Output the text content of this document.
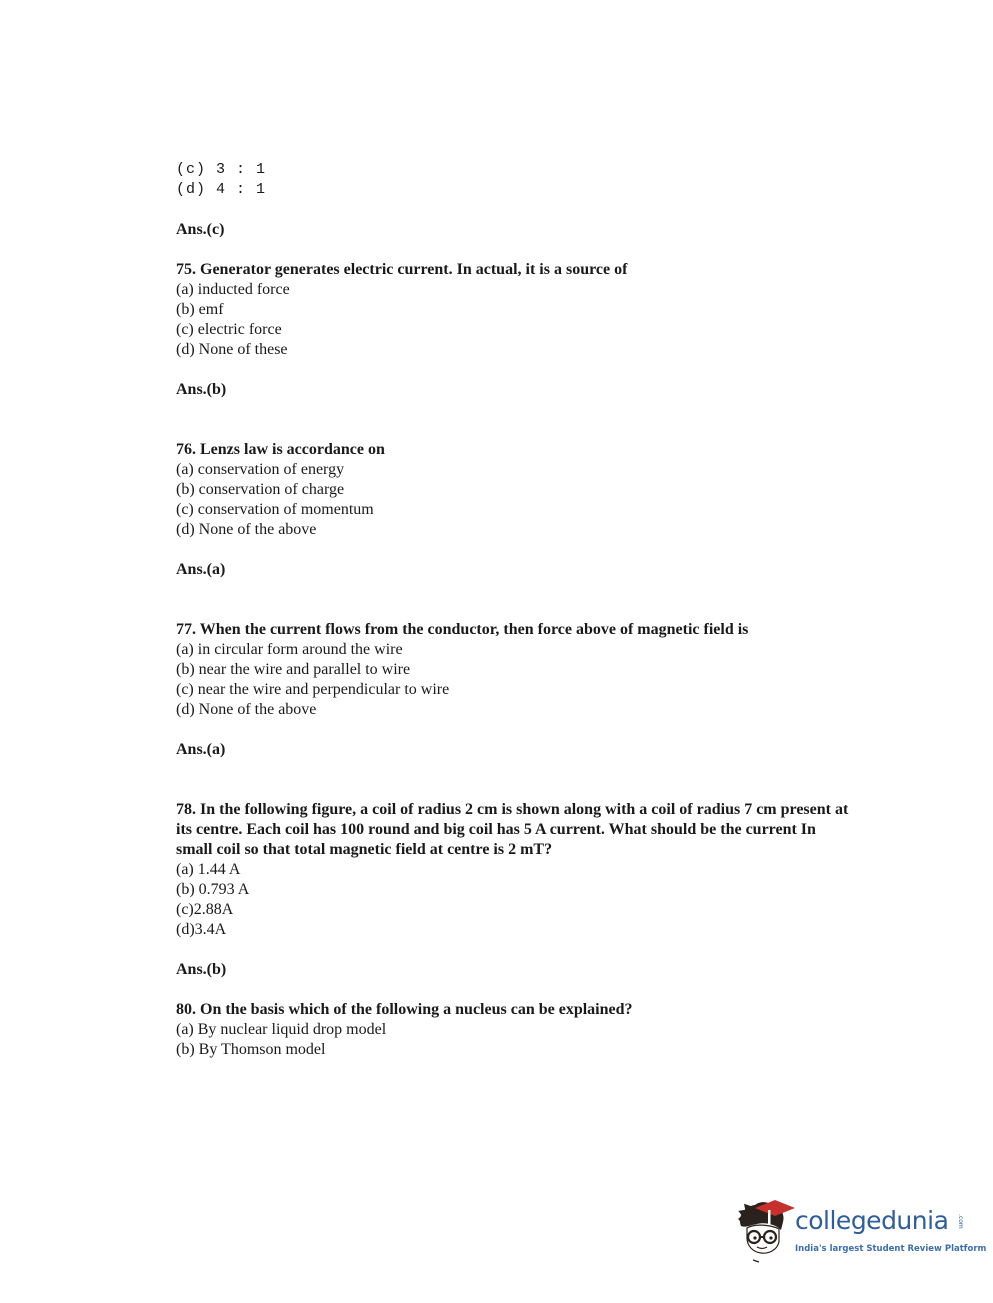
(c) 3 : 1
(d) 4 : 1
Ans.(c)
75. Generator generates electric current. In actual, it is a source of
(a) inducted force
(b) emf
(c) electric force
(d) None of these
Ans.(b)
76. Lenzs law is accordance on
(a) conservation of energy
(b) conservation of charge
(c) conservation of momentum
(d) None of the above
Ans.(a)
77. When the current flows from the conductor, then force above of magnetic field is
(a) in circular form around the wire
(b) near the wire and parallel to wire
(c) near the wire and perpendicular to wire
(d) None of the above
Ans.(a)
78. In the following figure, a coil of radius 2 cm is shown along with a coil of radius 7 cm present at its centre. Each coil has 100 round and big coil has 5 A current. What should be the current In small coil so that total magnetic field at centre is 2 mT?
(a) 1.44 A
(b) 0.793 A
(c)2.88A
(d)3.4A
Ans.(b)
80. On the basis which of the following a nucleus can be explained?
(a) By nuclear liquid drop model
(b) By Thomson model
collegedunia .com
India's largest Student Review Platform
